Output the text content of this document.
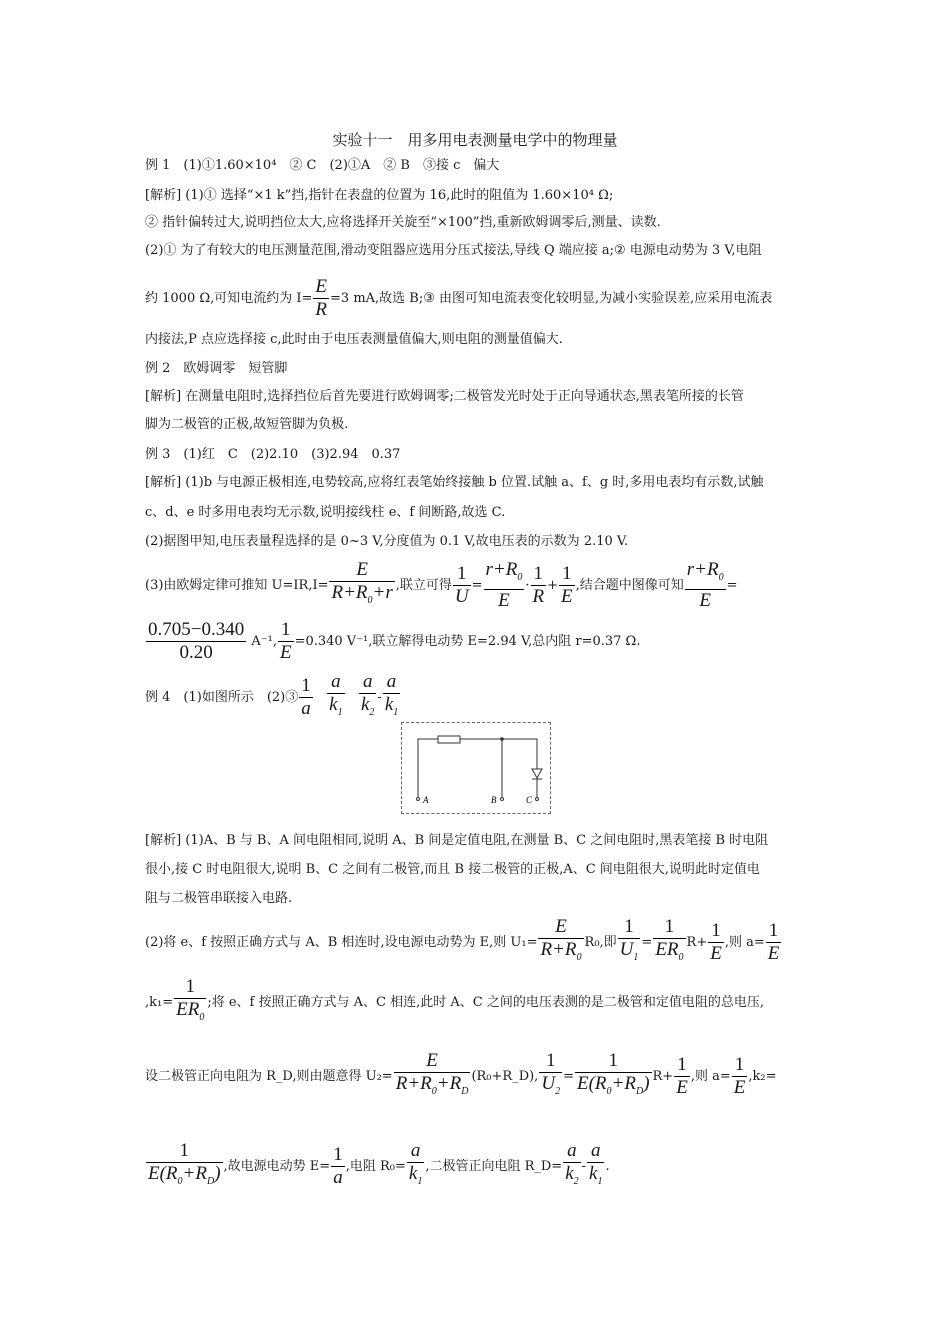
实验十一　用多用电表测量电学中的物理量
例 1　(1)①1.60×10⁴　② C　(2)①A　② B　③接 c　偏大
[解析] (1)① 选择“×1 k”挡,指针在表盘的位置为 16,此时的阻值为 1.60×10⁴ Ω;
② 指针偏转过大,说明挡位太大,应将选择开关旋至“×100”挡,重新欧姆调零后,测量、读数.
(2)① 为了有较大的电压测量范围,滑动变阻器应选用分压式接法,导线 Q 端应接 a;② 电源电动势为 3 V,电阻
约 1000 Ω,可知电流约为 $I= \frac{E}{R} =3$ mA,故选 B;③ 由图可知电流表变化较明显,为减小实验误差,应采用电流表
内接法,P 点应选择接 c,此时由于电压表测量值偏大,则电阻的测量值偏大.
例 2　欧姆调零　短管脚
[解析] 在测量电阻时,选择挡位后首先要进行欧姆调零;二极管发光时处于正向导通状态,黑表笔所接的长管
脚为二极管的正极,故短管脚为负极.
例 3　(1)红　C　(2)2.10　(3)2.94　0.37
[解析] (1)b 与电源正极相连,电势较高,应将红表笔始终接触 b 位置.试触 a、f、g 时,多用电表均有示数,试触
c、d、e 时多用电表均无示数,说明接线柱 e、f 间断路,故选 C.
(2)据图甲知,电压表量程选择的是 0~3 V,分度值为 0.1 V,故电压表的示数为 2.10 V.
(3)由欧姆定律可推知 $U=IR,I= \frac{E}{R+R_0+r}$ ,联立可得 $\frac{1}{U} = \frac{r+R_0}{E} \cdot \frac{1}{R} + \frac{1}{E}$ ,结合题中图像可知 $\frac{r+R_0}{E}$ =
$\frac{0.705-0.340}{0.20} A^{-1}$, $\frac{1}{E} =0.340$ V⁻¹,联立解得电动势 E=2.94 V,总内阻 r=0.37 Ω.
例 4　(1)如图所示　(2)③ $\frac{1}{a}$
$\frac{a}{k_1}$
$\frac{a}{k_2} - \frac{a}{k_1}$
A	B	C
[解析] (1)A、B 与 B、A 间电阻相同,说明 A、B 间是定值电阻,在测量 B、C 之间电阻时,黑表笔接 B 时电阻
很小,接 C 时电阻很大,说明 B、C 之间有二极管,而且 B 接二极管的正极,A、C 间电阻很大,说明此时定值电
阻与二极管串联接入电路.
(2)将 e、f 按照正确方式与 A、B 相连时,设电源电动势为 E,则 $U_1= \frac{E}{R+R_0} R_0$,即 $\frac{1}{U_1} = \frac{1}{ER_0} R+ \frac{1}{E}$ ,则 $a= \frac{1}{E}$
$,k_1= \frac{1}{ER_0}$ ;将 e、f 按照正确方式与 A、C 相连,此时 A、C 之间的电压表测的是二极管和定值电阻的总电压,
设二极管正向电阻为 R_D,则由题意得 $U_2= \frac{E}{R+R_0+R_D}$ (R₀+R_D), $\frac{1}{U_2} = \frac{1}{E(R_0+R_D)} R+ \frac{1}{E}$ ,则 $a= \frac{1}{E} ,k_2=$
$\frac{1}{E(R_0+R_D)}$ ,故电源电动势 $E= \frac{1}{a}$ ,电阻 $R_0= \frac{a}{k_1}$ ,二极管正向电阻 R_D= $\frac{a}{k_2} - \frac{a}{k_1}$ .
